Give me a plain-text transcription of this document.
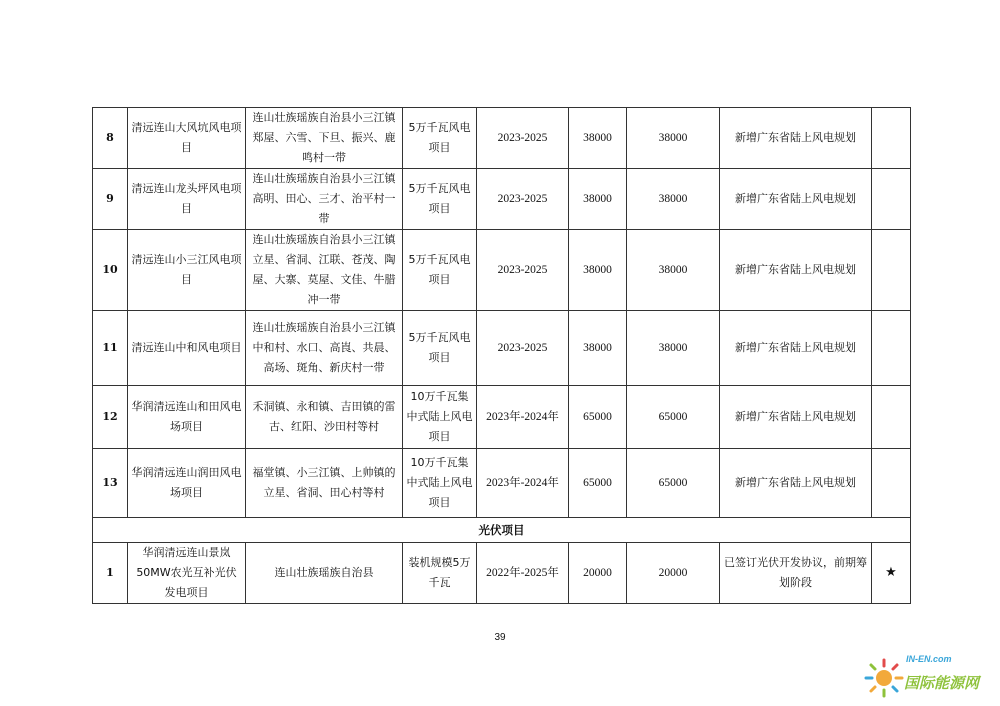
8	清远连山大风坑风电项目	连山壮族瑶族自治县小三江镇郑屋、六雪、下旦、振兴、鹿鸣村一带	5万千瓦风电项目	2023-2025	38000	38000	新增广东省陆上风电规划	
9	清远连山龙头坪风电项目	连山壮族瑶族自治县小三江镇高明、田心、三才、治平村一带	5万千瓦风电项目	2023-2025	38000	38000	新增广东省陆上风电规划	
10	清远连山小三江风电项目	连山壮族瑶族自治县小三江镇立星、省洞、江联、苍茂、陶屋、大寨、莫屋、文佳、牛腊冲一带	5万千瓦风电项目	2023-2025	38000	38000	新增广东省陆上风电规划	
11	清远连山中和风电项目	连山壮族瑶族自治县小三江镇中和村、水口、高崀、共晨、高场、斑角、新庆村一带	5万千瓦风电项目	2023-2025	38000	38000	新增广东省陆上风电规划	
12	华润清远连山和田风电场项目	禾洞镇、永和镇、吉田镇的雷古、红阳、沙田村等村	10万千瓦集中式陆上风电项目	2023年-2024年	65000	65000	新增广东省陆上风电规划	
13	华润清远连山润田风电场项目	福堂镇、小三江镇、上帅镇的立星、省洞、田心村等村	10万千瓦集中式陆上风电项目	2023年-2024年	65000	65000	新增广东省陆上风电规划	
光伏项目								
1	华润清远连山景岚50MW农光互补光伏发电项目	连山壮族瑶族自治县	装机规模5万千瓦	2022年-2025年	20000	20000	已签订光伏开发协议，前期筹划阶段	★
39
IN-EN.com
国际能源网
